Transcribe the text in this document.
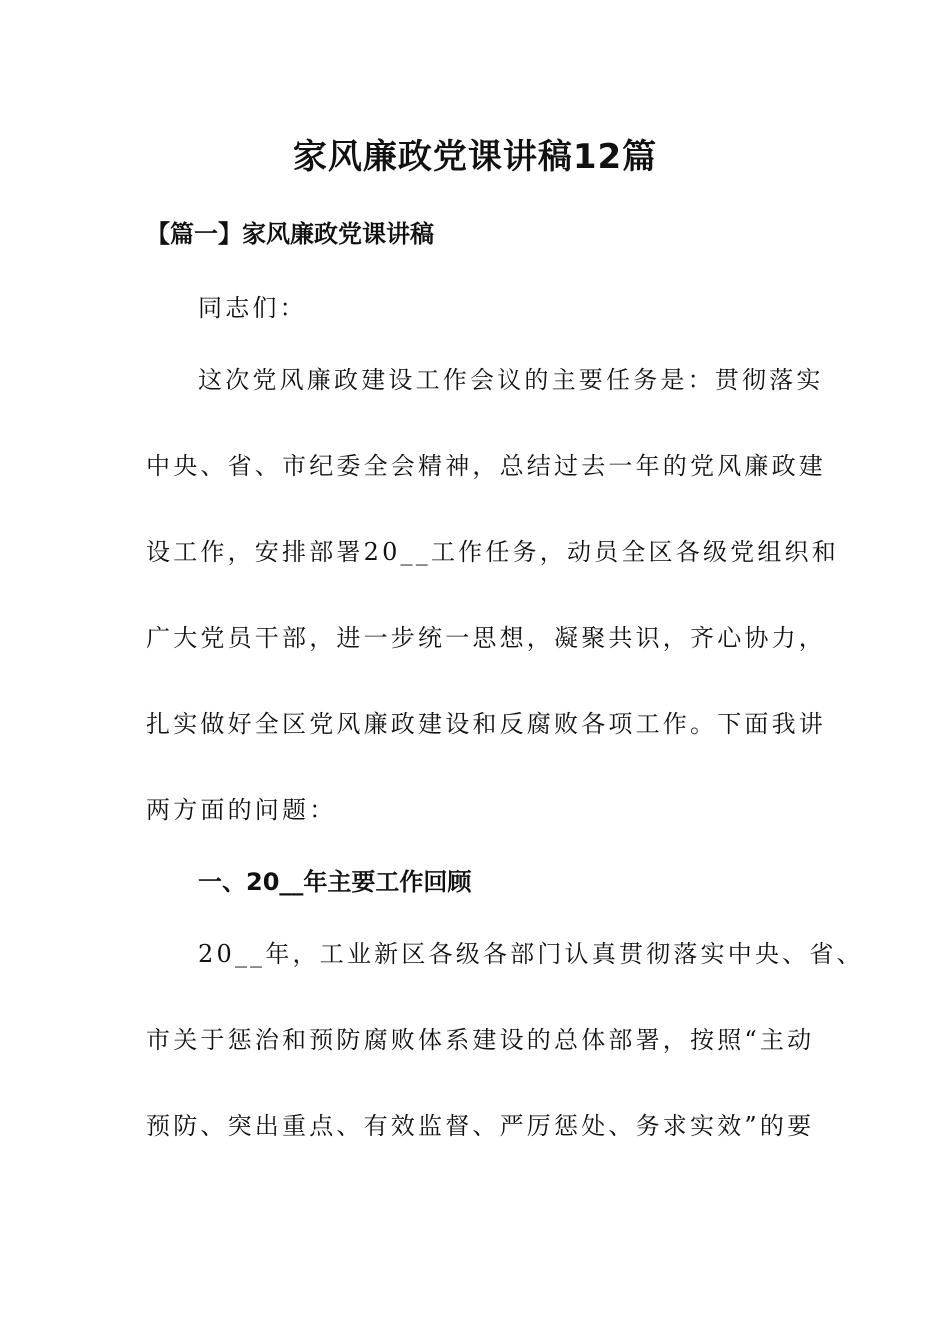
家风廉政党课讲稿12篇
【篇一】家风廉政党课讲稿
同志们：
这次党风廉政建设工作会议的主要任务是：贯彻落实
中央、省、市纪委全会精神，总结过去一年的党风廉政建
设工作，安排部署20__工作任务，动员全区各级党组织和
广大党员干部，进一步统一思想，凝聚共识，齐心协力，
扎实做好全区党风廉政建设和反腐败各项工作。下面我讲
两方面的问题：
一、20__年主要工作回顾
20__年，工业新区各级各部门认真贯彻落实中央、省、
市关于惩治和预防腐败体系建设的总体部署，按照“主动
预防、突出重点、有效监督、严厉惩处、务求实效”的要
